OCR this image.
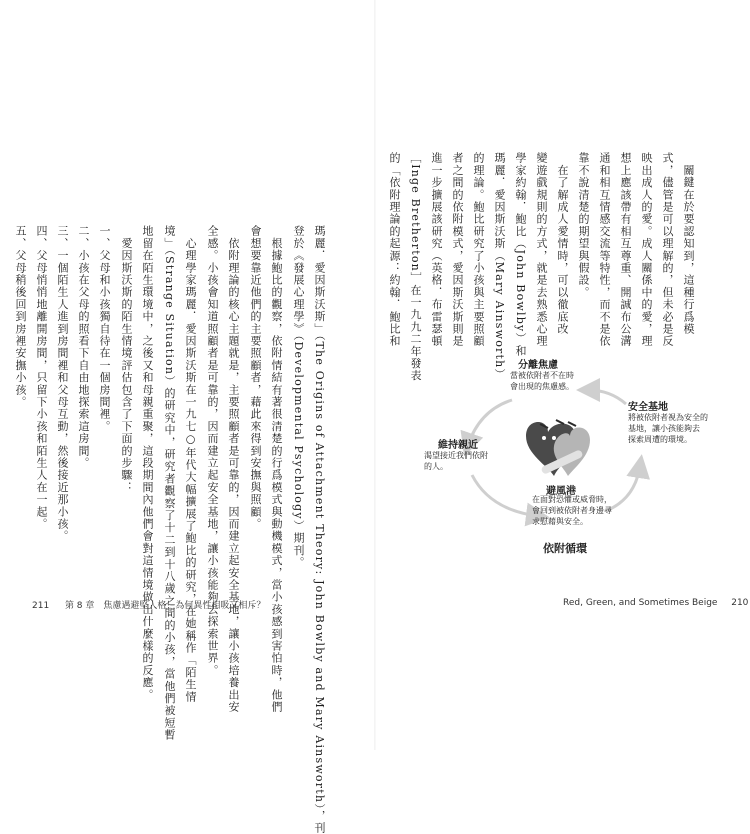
瑪麗．愛因斯沃斯」（The Origins of Attachment Theory: John Bowlby and Mary Ainsworth），刊
登於《發展心理學》（Developmental Psychology）期刊。
　根據鮑比的觀察，依附情結有著很清楚的行爲模式與動機模式，當小孩感到害怕時，他們
會想要靠近他們的主要照顧者，藉此來得到安撫與照顧。
　依附理論的核心主題就是，主要照顧者是可靠的，因而建立起安全基地，讓小孩培養出安
全感。小孩會知道照顧者是可靠的，因而建立起安全基地，讓小孩能夠去探索世界。
　心理學家瑪麗．愛因斯沃斯在一九七○年代大幅擴展了鮑比的研究，在她稱作「陌生情
境」（Strange Situation）的研究中，研究者觀察了十二到十八歲之間的小孩，當他們被短暫
地留在陌生環境中，之後又和母親重聚，這段期間內他們會對這情境做出什麼樣的反應。
　愛因斯沃斯的陌生情境評估包含了下面的步驟：
一、父母和小孩獨自待在一個房間裡。
二、小孩在父母的照看下自由地探索這房間。
三、一個陌生人進到房間裡和父母互動，然後接近那小孩。
四、父母悄悄地離開房間，只留下小孩和陌生人在一起。
五、父母稍後回到房裡安撫小孩。
211 第 8 章　焦慮遇避堅人格！為何異性相吸又相斥？
　關鍵在於要認知到，這種行爲模
式，儘管是可以理解的，但未必是反
映出成人的愛。成人關係中的愛，理
想上應該帶有相互尊重、開誠布公溝
通和相互情感交流等特性，而不是依
靠不說清楚的期望與假設。
　在了解成人愛情時，可以徹底改
變遊戲規則的方式，就是去熟悉心理
學家約翰．鮑比（John Bowlby）和
瑪麗．愛因斯沃斯（Mary Ainsworth）
的理論。鮑比研究了小孩與主要照顧
者之間的依附模式，愛因斯沃斯則是
進一步擴展該研究（英格．布雷瑟頓
［Inge Bretherton］在一九九二年發表
的「依附理論的起源：約翰．鮑比和
分離焦慮
當被依附者不在時
會出現的焦慮感。
安全基地
將被依附者視為安全的
基地，讓小孩能夠去
探索周遭的環境。
避風港
在面對恐懼或威脅時，
會回到被依附者身邊尋
求慰藉與安全。
維持親近
渴望接近我們依附
的人。
依附循環
Red, Green, and Sometimes Beige 210
